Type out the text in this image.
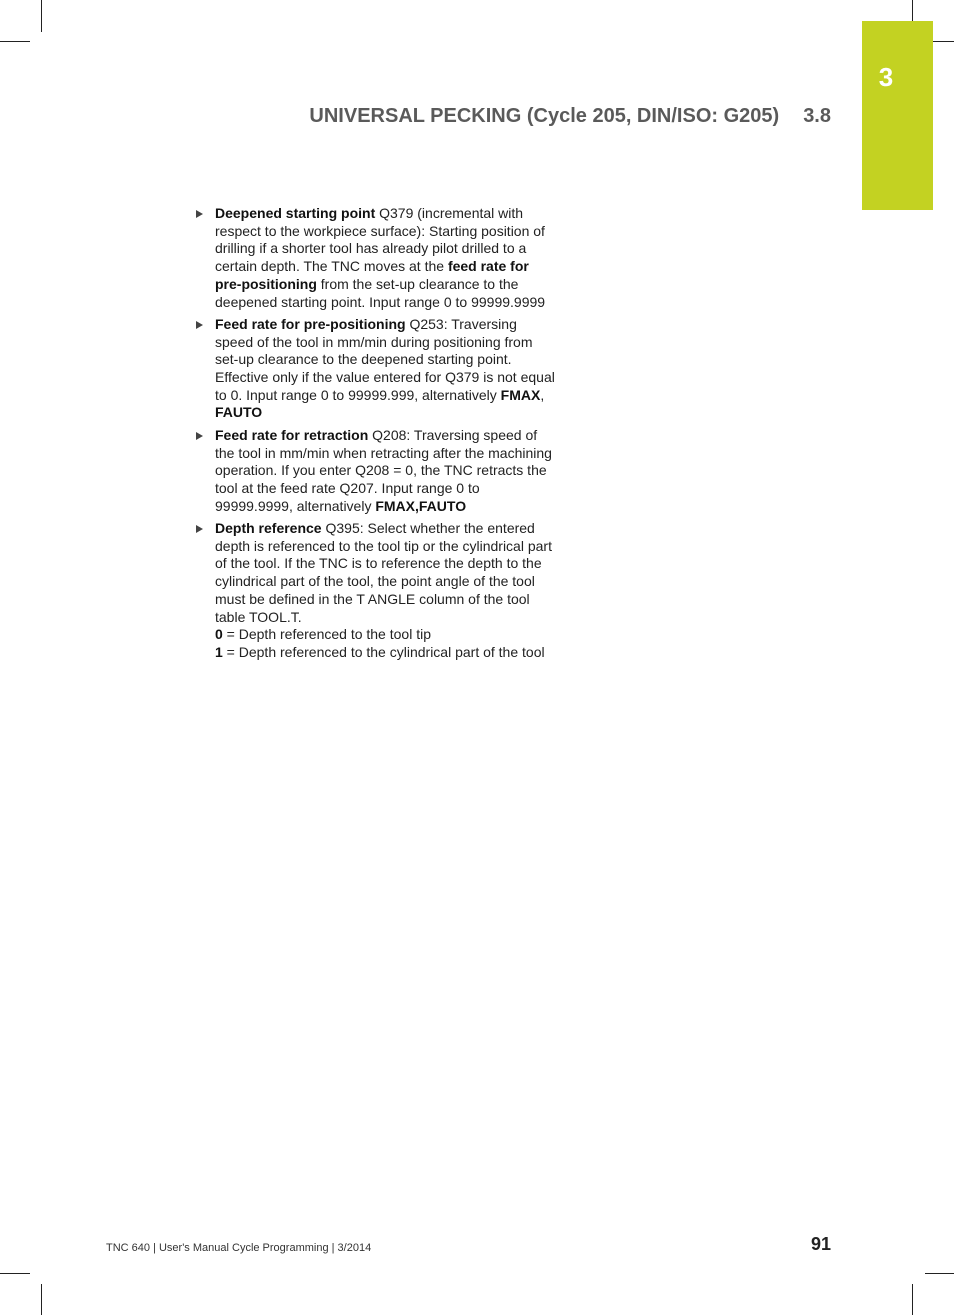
3
UNIVERSAL PECKING (Cycle 205, DIN/ISO: G205) 3.8
Deepened starting point Q379 (incremental with respect to the workpiece surface): Starting position of drilling if a shorter tool has already pilot drilled to a certain depth. The TNC moves at the feed rate for pre-positioning from the set-up clearance to the deepened starting point. Input range 0 to 99999.9999
Feed rate for pre-positioning Q253: Traversing speed of the tool in mm/min during positioning from set-up clearance to the deepened starting point. Effective only if the value entered for Q379 is not equal to 0. Input range 0 to 99999.999, alternatively FMAX, FAUTO
Feed rate for retraction Q208: Traversing speed of the tool in mm/min when retracting after the machining operation. If you enter Q208 = 0, the TNC retracts the tool at the feed rate Q207. Input range 0 to 99999.9999, alternatively FMAX,FAUTO
Depth reference Q395: Select whether the entered depth is referenced to the tool tip or the cylindrical part of the tool. If the TNC is to reference the depth to the cylindrical part of the tool, the point angle of the tool must be defined in the T ANGLE column of the tool table TOOL.T.
0 = Depth referenced to the tool tip
1 = Depth referenced to the cylindrical part of the tool
TNC 640 | User's Manual Cycle Programming | 3/2014	91
